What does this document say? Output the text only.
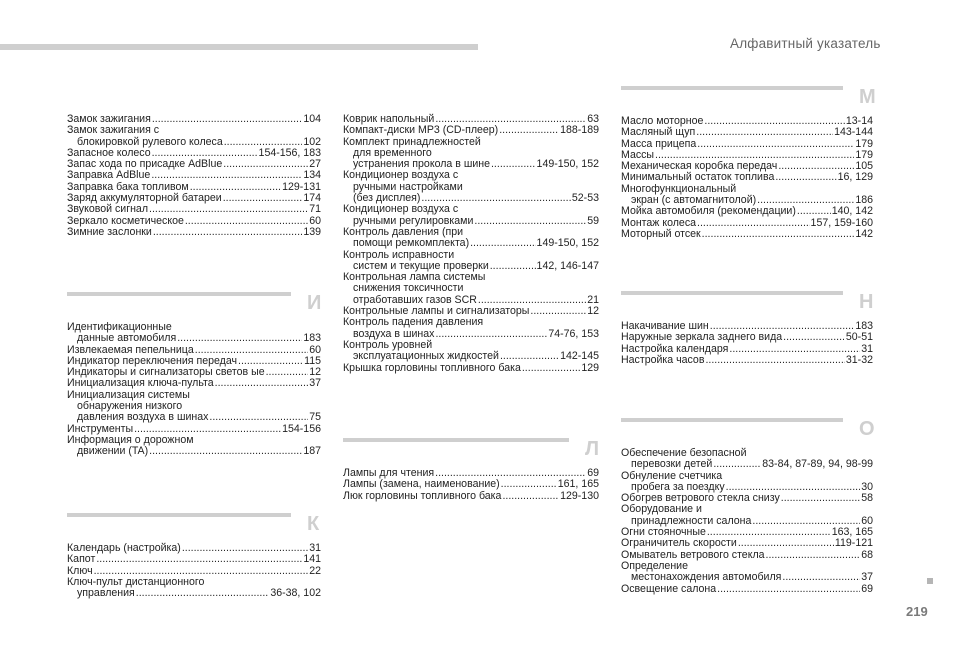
Алфавитный указатель
219
Замок зажигания .....	104
Замок зажигания с
блокировкой рулевого колеса .....	102
Запасное колесо .....	154-156, 183
Запас хода по присадке AdBlue .....	27
Заправка AdBlue .....	134
Заправка бака топливом .....	129-131
Заряд аккумуляторной батареи .....	174
Звуковой сигнал .....	71
Зеркало косметическое .....	60
Зимние заслонки .....	139
И
Идентификационные
данные автомобиля .....	183
Извлекаемая пепельница .....	60
Индикатор переключения передач .....	115
Индикаторы и сигнализаторы светов ые .....	12
Инициализация ключа-пульта .....	37
Инициализация системы
обнаружения низкого
давления воздуха в шинах .....	75
Инструменты .....	154-156
Информация о дорожном
движении (TA) .....	187
К
Календарь (настройка) .....	31
Капот .....	141
Ключ .....	22
Ключ-пульт дистанционного
управления .....	36-38, 102
Коврик напольный .....	63
Компакт-диски MP3 (CD-плеер) .....	188-189
Комплект принадлежностей
для временного
устранения прокола в шине .....	149-150, 152
Кондиционер воздуха с
ручными настройками
(без дисплея) .....	52-53
Кондиционер воздуха с
ручными регулировками .....	59
Контроль давления (при
помощи ремкомплекта) .....	149-150, 152
Контроль исправности
систем и текущие проверки .....	142, 146-147
Контрольная лампа системы
снижения токсичности
отработавших газов SCR .....	21
Контрольные лампы и сигнализаторы .....	12
Контроль падения давления
воздуха в шинах .....	74-76, 153
Контроль уровней
эксплуатационных жидкостей .....	142-145
Крышка горловины топливного бака .....	129
Л
Лампы для чтения .....	69
Лампы (замена, наименование) .....	161, 165
Люк горловины топливного бака .....	129-130
М
Масло моторное .....	13-14
Масляный щуп .....	143-144
Масса прицепа .....	179
Массы .....	179
Механическая коробка передач .....	105
Минимальный остаток топлива .....	16, 129
Многофункциональный
экран (с автомагнитолой) .....	186
Мойка автомобиля (рекомендации) .....	140, 142
Монтаж колеса .....	157, 159-160
Моторный отсек .....	142
Н
Накачивание шин .....	183
Наружные зеркала заднего вида .....	50-51
Настройка календаря .....	31
Настройка часов .....	31-32
О
Обеспечение безопасной
перевозки детей .....	83-84, 87-89, 94, 98-99
Обнуление счетчика
пробега за поездку .....	30
Обогрев ветрового стекла снизу .....	58
Оборудование и
принадлежности салона .....	60
Огни стояночные .....	163, 165
Ограничитель скорости .....	119-121
Омыватель ветрового стекла .....	68
Определение
местонахождения автомобиля .....	37
Освещение салона .....	69
